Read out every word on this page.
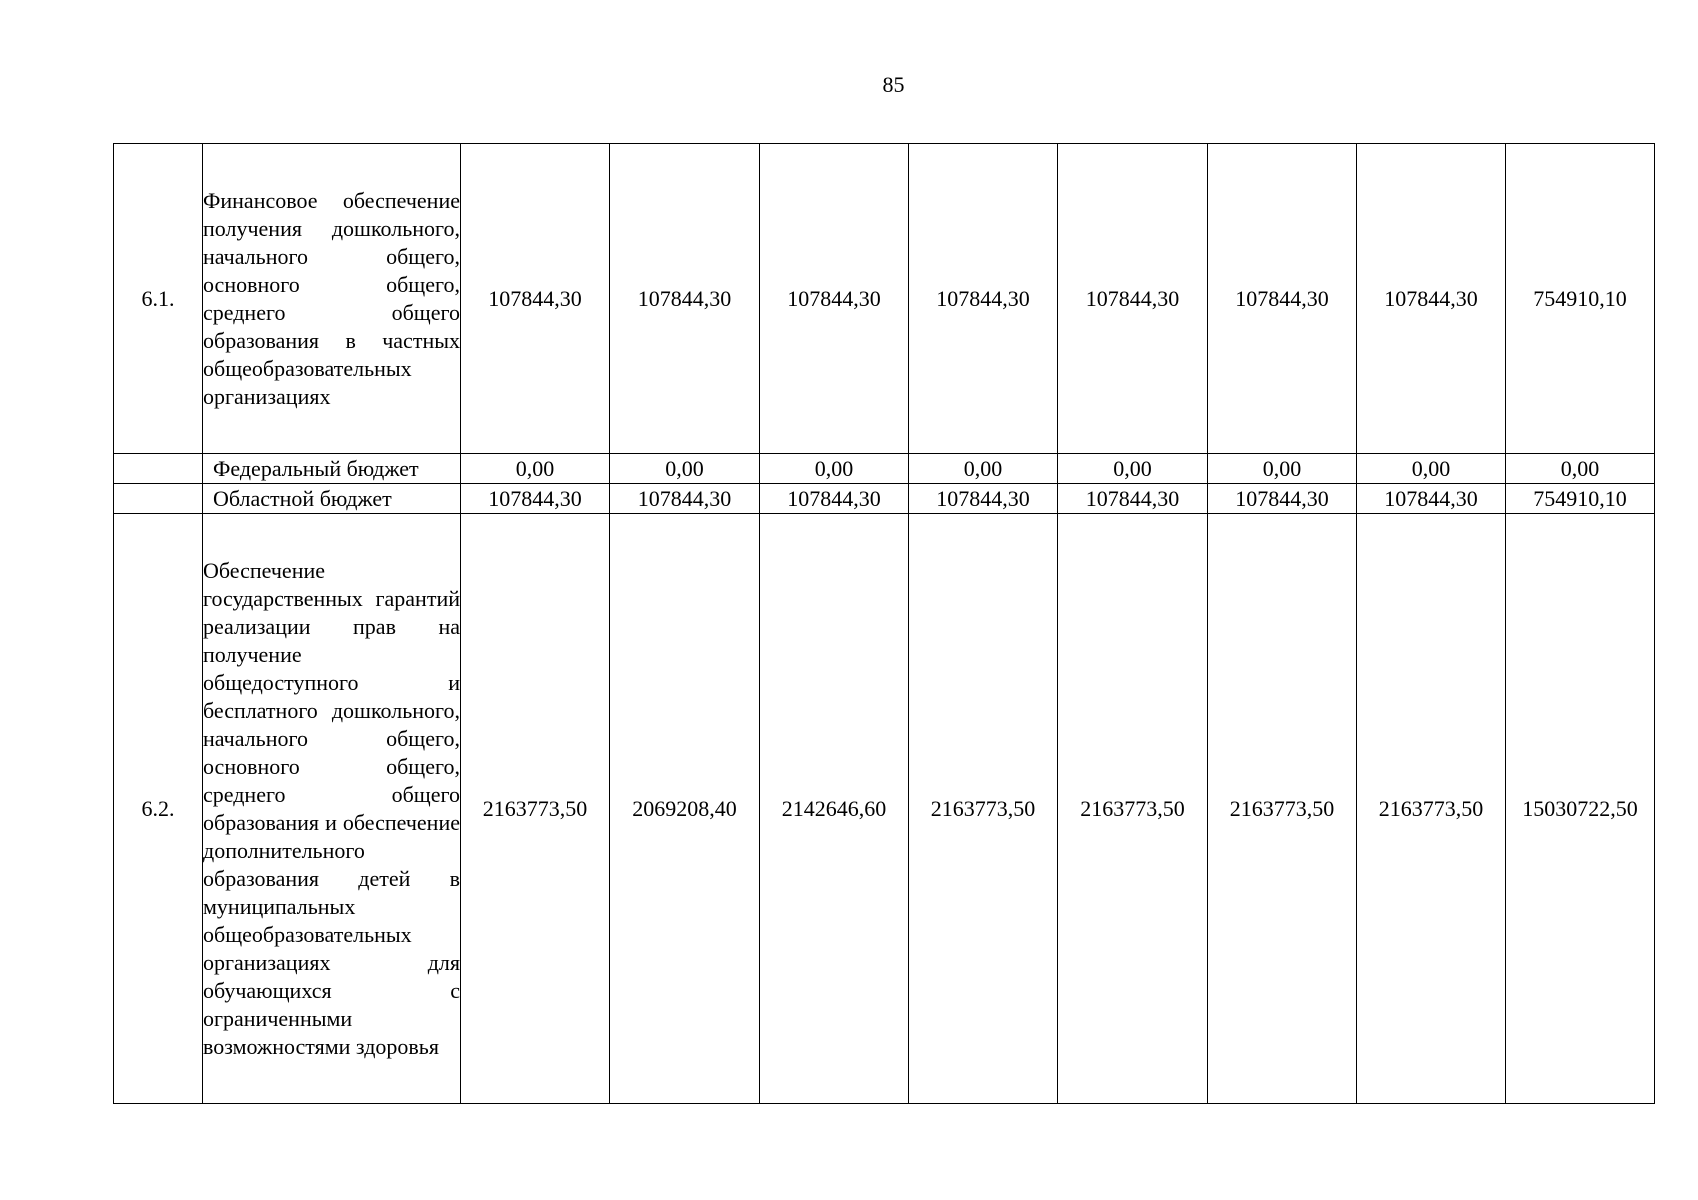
85
6.1.	Финансовое обеспечение получения дошкольного, начального общего, основного общего, среднего общего образования в частных общеобразовательных организациях	107844,30	107844,30	107844,30	107844,30	107844,30	107844,30	107844,30	754910,10
	Федеральный бюджет	0,00	0,00	0,00	0,00	0,00	0,00	0,00	0,00
	Областной бюджет	107844,30	107844,30	107844,30	107844,30	107844,30	107844,30	107844,30	754910,10
6.2.	Обеспечение государственных гарантий реализации прав на получение общедоступного и бесплатного дошкольного, начального общего, основного общего, среднего общего образования и обеспечение дополнительного образования детей в муниципальных общеобразовательных организациях для обучающихся с ограниченными возможностями здоровья	2163773,50	2069208,40	2142646,60	2163773,50	2163773,50	2163773,50	2163773,50	15030722,50
